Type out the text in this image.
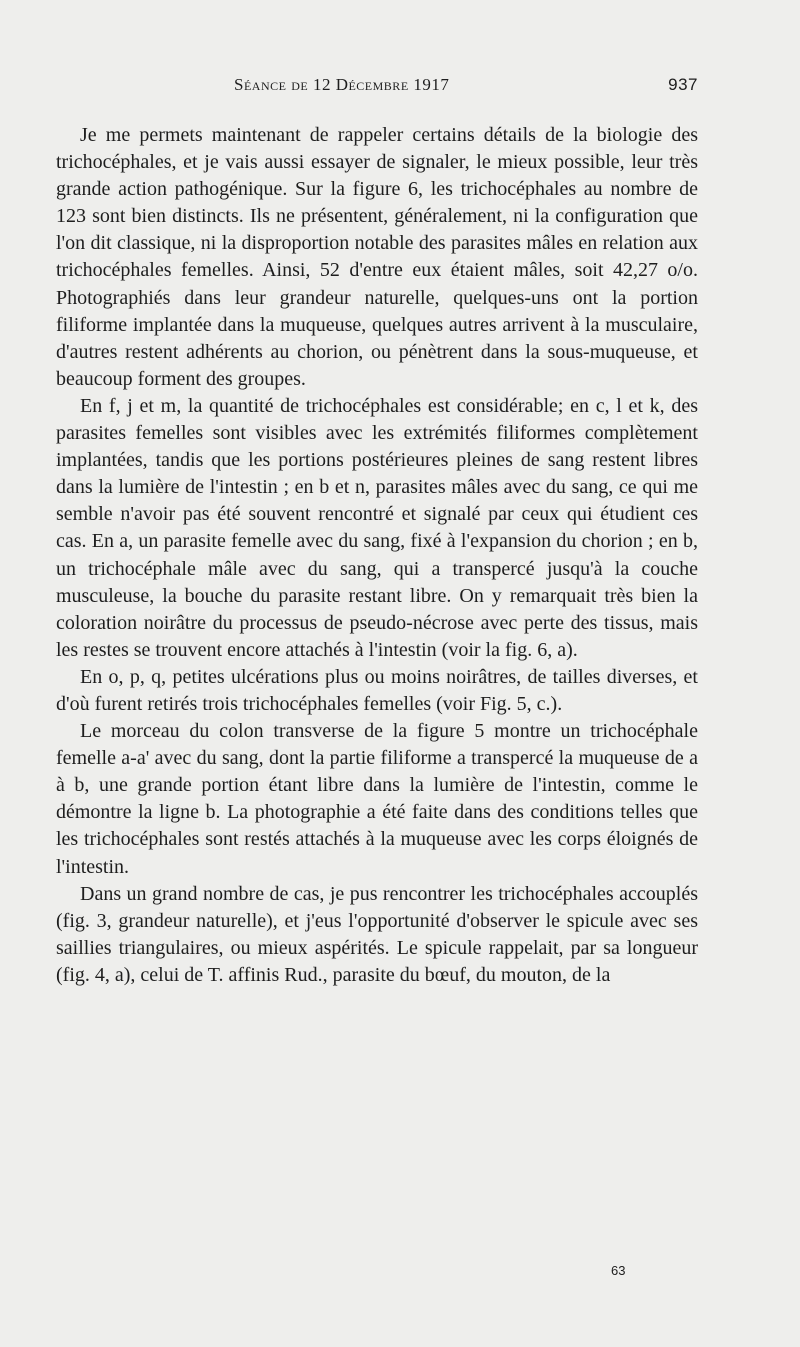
Séance de 12 Décembre 1917	937

Je me permets maintenant de rappeler certains détails de la biologie des trichocéphales, et je vais aussi essayer de signaler, le mieux possible, leur très grande action pathogénique. Sur la figure 6, les trichocéphales au nombre de 123 sont bien distincts. Ils ne présentent, généralement, ni la configuration que l'on dit classique, ni la disproportion notable des parasites mâles en relation aux trichocéphales femelles. Ainsi, 52 d'entre eux étaient mâles, soit 42,27 o/o. Photographiés dans leur grandeur naturelle, quelques-uns ont la portion filiforme implantée dans la muqueuse, quelques autres arrivent à la musculaire, d'autres restent adhérents au chorion, ou pénètrent dans la sous-muqueuse, et beaucoup forment des groupes.

En f, j et m, la quantité de trichocéphales est considérable; en c, l et k, des parasites femelles sont visibles avec les extrémités filiformes complètement implantées, tandis que les portions postérieures pleines de sang restent libres dans la lumière de l'intestin ; en b et n, parasites mâles avec du sang, ce qui me semble n'avoir pas été souvent rencontré et signalé par ceux qui étudient ces cas. En a, un parasite femelle avec du sang, fixé à l'expansion du chorion ; en b, un trichocéphale mâle avec du sang, qui a transpercé jusqu'à la couche musculeuse, la bouche du parasite restant libre. On y remarquait très bien la coloration noirâtre du processus de pseudo-nécrose avec perte des tissus, mais les restes se trouvent encore attachés à l'intestin (voir la fig. 6, a).

En o, p, q, petites ulcérations plus ou moins noirâtres, de tailles diverses, et d'où furent retirés trois trichocéphales femelles (voir Fig. 5, c.).

Le morceau du colon transverse de la figure 5 montre un trichocéphale femelle a-a' avec du sang, dont la partie filiforme a transpercé la muqueuse de a à b, une grande portion étant libre dans la lumière de l'intestin, comme le démontre la ligne b. La photographie a été faite dans des conditions telles que les trichocéphales sont restés attachés à la muqueuse avec les corps éloignés de l'intestin.

Dans un grand nombre de cas, je pus rencontrer les trichocéphales accouplés (fig. 3, grandeur naturelle), et j'eus l'opportunité d'observer le spicule avec ses saillies triangulaires, ou mieux aspérités. Le spicule rappelait, par sa longueur (fig. 4, a), celui de T. affinis Rud., parasite du bœuf, du mouton, de la

63
